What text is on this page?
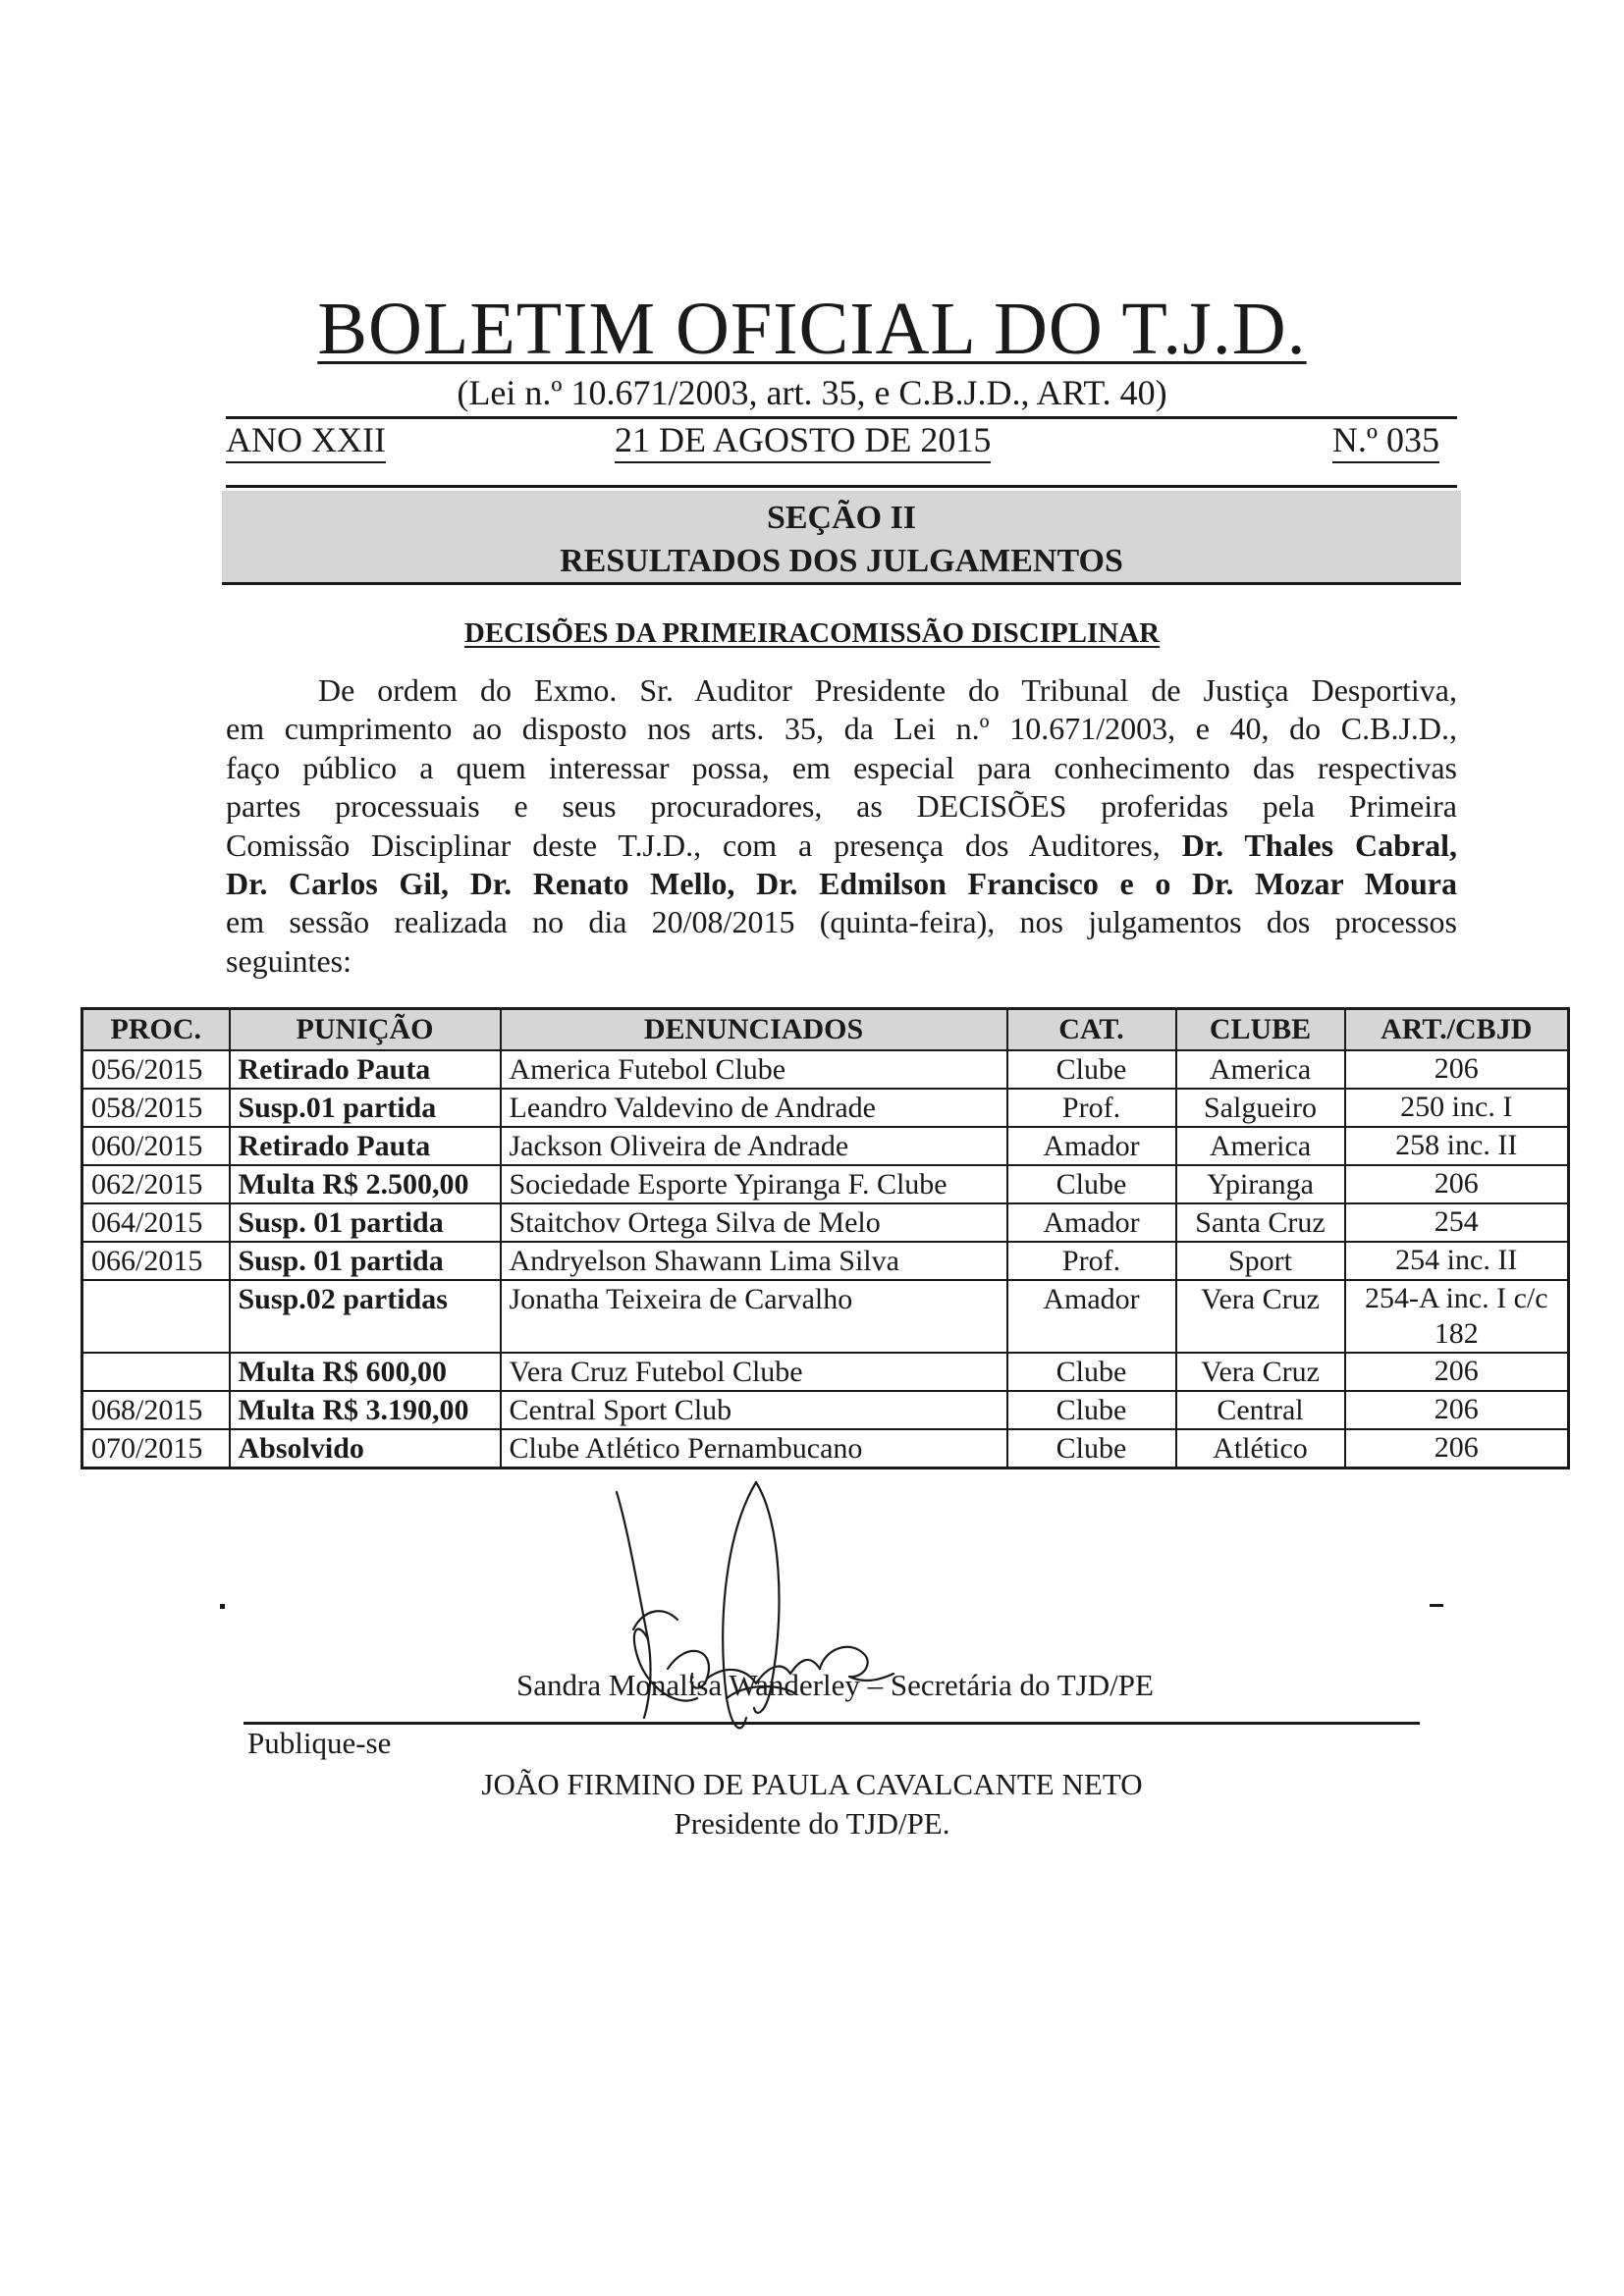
BOLETIM OFICIAL DO T.J.D.
(Lei n.º 10.671/2003, art. 35, e C.B.J.D., ART. 40)
ANO XXII	21 DE AGOSTO DE 2015	N.º 035
SEÇÃO II
RESULTADOS DOS JULGAMENTOS
DECISÕES DA PRIMEIRACOMISSÃO DISCIPLINAR
De ordem do Exmo. Sr. Auditor Presidente do Tribunal de Justiça Desportiva,
em cumprimento ao disposto nos arts. 35, da Lei n.º 10.671/2003, e 40, do C.B.J.D.,
faço público a quem interessar possa, em especial para conhecimento das respectivas
partes processuais e seus procuradores, as DECISÕES proferidas pela Primeira
Comissão Disciplinar deste T.J.D., com a presença dos Auditores, Dr. Thales Cabral,
Dr. Carlos Gil, Dr. Renato Mello, Dr. Edmilson Francisco e o Dr. Mozar Moura
em sessão realizada no dia 20/08/2015 (quinta-feira), nos julgamentos dos processos
seguintes:
PROC.	PUNIÇÃO	DENUNCIADOS	CAT.	CLUBE	ART./CBJD
056/2015	Retirado Pauta	America Futebol Clube	Clube	America	206
058/2015	Susp.01 partida	Leandro Valdevino de Andrade	Prof.	Salgueiro	250 inc. I
060/2015	Retirado Pauta	Jackson Oliveira de Andrade	Amador	America	258 inc. II
062/2015	Multa R$ 2.500,00	Sociedade Esporte Ypiranga F. Clube	Clube	Ypiranga	206
064/2015	Susp. 01 partida	Staitchov Ortega Silva de Melo	Amador	Santa Cruz	254
066/2015	Susp. 01 partida	Andryelson Shawann Lima Silva	Prof.	Sport	254 inc. II
	Susp.02 partidas	Jonatha Teixeira de Carvalho	Amador	Vera Cruz	254-A inc. I c/c 182
	Multa R$ 600,00	Vera Cruz Futebol Clube	Clube	Vera Cruz	206
068/2015	Multa R$ 3.190,00	Central Sport Club	Clube	Central	206
070/2015	Absolvido	Clube Atlético Pernambucano	Clube	Atlético	206
Sandra Monalisa Wanderley – Secretária do TJD/PE
Publique-se
JOÃO FIRMINO DE PAULA CAVALCANTE NETO
Presidente do TJD/PE.
